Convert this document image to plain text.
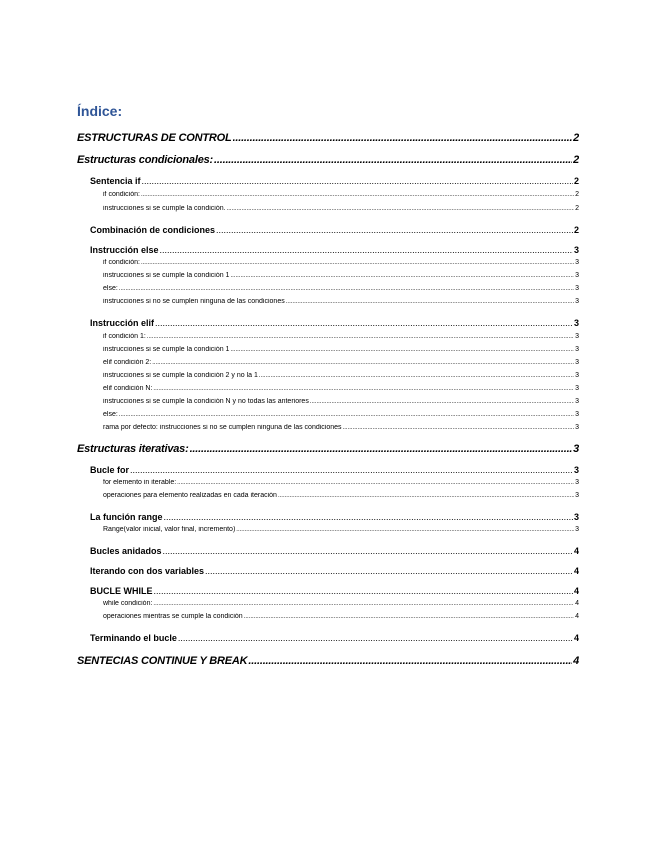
Índice:
ESTRUCTURAS DE CONTROL .....	2
Estructuras condicionales: .....	2
Sentencia if .....	2
if condición: .....	2
instrucciones si se cumple la condición. .....	2
Combinación de condiciones .....	2
Instrucción else .....	3
if condición: .....	3
instrucciones si se cumple la condición 1 .....	3
else: .....	3
instrucciones si no se cumplen ninguna de las condiciones .....	3
Instrucción elif .....	3
if condición 1: .....	3
instrucciones si se cumple la condición 1 .....	3
elif condición 2: .....	3
instrucciones si se cumple la condición 2 y no la 1 .....	3
elif condición N: .....	3
instrucciones si se cumple la condición N y no todas las anteriores .....	3
else: .....	3
rama por defecto: instrucciones si no se cumplen ninguna de las condiciones .....	3
Estructuras iterativas: .....	3
Bucle for .....	3
for elemento in iterable: .....	3
operaciones para elemento realizadas en cada iteración .....	3
La función range .....	3
Range(valor inicial, valor final, incremento) .....	3
Bucles anidados .....	4
Iterando con dos variables .....	4
BUCLE WHILE .....	4
while condición: .....	4
operaciones mientras se cumple la condición .....	4
Terminando el bucle .....	4
SENTECIAS CONTINUE Y BREAK .....	4
